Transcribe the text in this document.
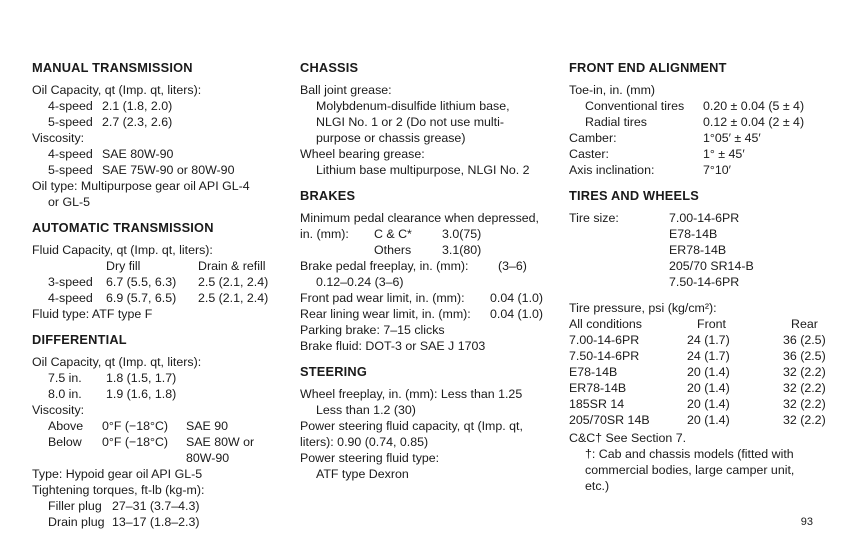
MANUAL TRANSMISSION
Oil Capacity, qt (Imp. qt, liters):
4-speed 2.1 (1.8, 2.0)
5-speed 2.7 (2.3, 2.6)
Viscosity:
4-speed SAE 80W-90
5-speed SAE 75W-90 or 80W-90
Oil type: Multipurpose gear oil API GL-4
or GL-5
AUTOMATIC TRANSMISSION
Fluid Capacity, qt (Imp. qt, liters):
Dry fill	Drain & refill
3-speed	6.7 (5.5, 6.3)	2.5 (2.1, 2.4)
4-speed	6.9 (5.7, 6.5)	2.5 (2.1, 2.4)
Fluid type: ATF type F
DIFFERENTIAL
Oil Capacity, qt (Imp. qt, liters):
7.5 in.	1.8 (1.5, 1.7)
8.0 in.	1.9 (1.6, 1.8)
Viscosity:
Above	0°F (−18°C)	SAE 90
Below	0°F (−18°C)	SAE 80W or
80W-90
Type: Hypoid gear oil API GL-5
Tightening torques, ft-lb (kg-m):
Filler plug 27–31 (3.7–4.3)
Drain plug 13–17 (1.8–2.3)
CHASSIS
Ball joint grease:
Molybdenum-disulfide lithium base,
NLGI No. 1 or 2 (Do not use multi-
purpose or chassis grease)
Wheel bearing grease:
Lithium base multipurpose, NLGI No. 2
BRAKES
Minimum pedal clearance when depressed,
in. (mm):	C & C*	3.0(75)
Others	3.1(80)
Brake pedal freeplay, in. (mm):	(3–6)
0.12–0.24 (3–6)
Front pad wear limit, in. (mm):	0.04 (1.0)
Rear lining wear limit, in. (mm):	0.04 (1.0)
Parking brake: 7–15 clicks
Brake fluid: DOT-3 or SAE J 1703
STEERING
Wheel freeplay, in. (mm): Less than 1.25
Less than 1.2 (30)
Power steering fluid capacity, qt (Imp. qt,
liters): 0.90 (0.74, 0.85)
Power steering fluid type:
ATF type Dexron
FRONT END ALIGNMENT
Toe-in, in. (mm)
Conventional tires	0.20 ± 0.04 (5 ± 4)
Radial tires	0.12 ± 0.04 (2 ± 4)
Camber:	1°05′ ± 45′
Caster:	1° ± 45′
Axis inclination:	7°10′
TIRES AND WHEELS
Tire size:	7.00-14-6PR
E78-14B
ER78-14B
205/70 SR14-B
7.50-14-6PR
Tire pressure, psi (kg/cm²):
All conditions	Front	Rear
7.00-14-6PR	24 (1.7)	36 (2.5)
7.50-14-6PR	24 (1.7)	36 (2.5)
E78-14B	20 (1.4)	32 (2.2)
ER78-14B	20 (1.4)	32 (2.2)
185SR 14	20 (1.4)	32 (2.2)
205/70SR 14B	20 (1.4)	32 (2.2)
C&C† See Section 7.
†: Cab and chassis models (fitted with
commercial bodies, large camper unit,
etc.)
93
